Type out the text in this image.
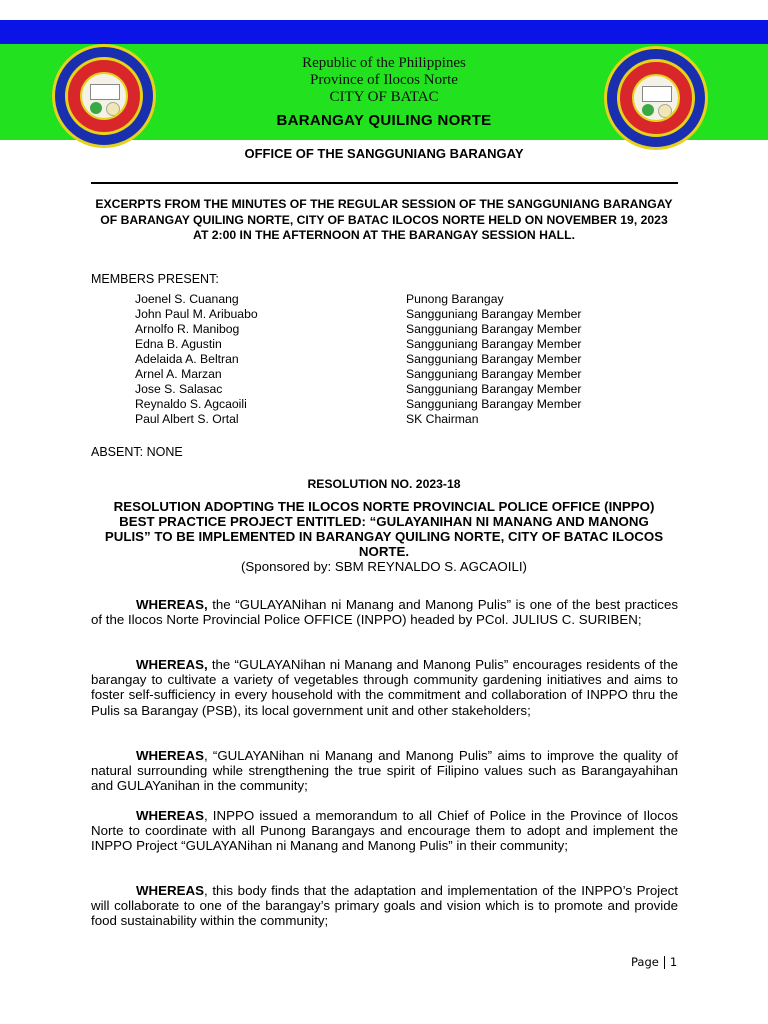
Republic of the Philippines
Province of Ilocos Norte
CITY OF BATAC
BARANGAY QUILING NORTE
OFFICE OF THE SANGGUNIANG BARANGAY
EXCERPTS FROM THE MINUTES OF THE REGULAR SESSION OF THE SANGGUNIANG BARANGAY OF BARANGAY QUILING NORTE, CITY OF BATAC ILOCOS NORTE HELD ON NOVEMBER 19, 2023 AT 2:00 IN THE AFTERNOON AT THE BARANGAY SESSION HALL.
MEMBERS PRESENT:
Joenel S. Cuanang	Punong Barangay
John Paul M. Aribuabo	Sangguniang Barangay Member
Arnolfo R. Manibog	Sangguniang Barangay Member
Edna B. Agustin	Sangguniang Barangay Member
Adelaida A. Beltran	Sangguniang Barangay Member
Arnel A. Marzan	Sangguniang Barangay Member
Jose S. Salasac	Sangguniang Barangay Member
Reynaldo S. Agcaoili	Sangguniang Barangay Member
Paul Albert S. Ortal	SK Chairman
ABSENT: NONE
RESOLUTION NO. 2023-18
RESOLUTION ADOPTING THE ILOCOS NORTE PROVINCIAL POLICE OFFICE (INPPO) BEST PRACTICE PROJECT ENTITLED: “GULAYANIHAN NI MANANG AND MANONG PULIS” TO BE IMPLEMENTED IN BARANGAY QUILING NORTE, CITY OF BATAC ILOCOS NORTE.
(Sponsored by: SBM REYNALDO S. AGCAOILI)
WHEREAS, the “GULAYANihan ni Manang and Manong Pulis” is one of the best practices of the Ilocos Norte Provincial Police OFFICE (INPPO) headed by PCol. JULIUS C. SURIBEN;
WHEREAS, the “GULAYANihan ni Manang and Manong Pulis” encourages residents of the barangay to cultivate a variety of vegetables through community gardening initiatives and aims to foster self-sufficiency in every household with the commitment and collaboration of INPPO thru the Pulis sa Barangay (PSB), its local government unit and other stakeholders;
WHEREAS, “GULAYANihan ni Manang and Manong Pulis” aims to improve the quality of natural surrounding while strengthening the true spirit of Filipino values such as Barangayahihan and GULAYanihan in the community;
WHEREAS, INPPO issued a memorandum to all Chief of Police in the Province of Ilocos Norte to coordinate with all Punong Barangays and encourage them to adopt and implement the INPPO Project “GULAYANihan ni Manang and Manong Pulis” in their community;
WHEREAS, this body finds that the adaptation and implementation of the INPPO’s Project will collaborate to one of the barangay’s primary goals and vision which is to promote and provide food sustainability within the community;
Page 1
